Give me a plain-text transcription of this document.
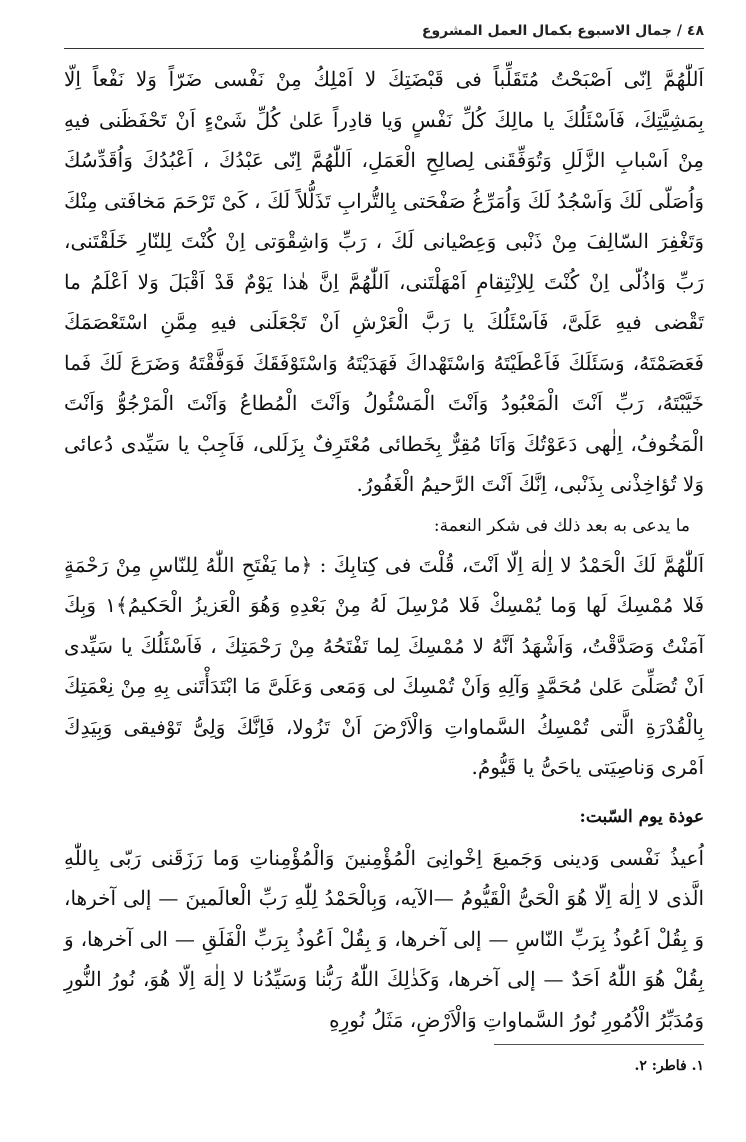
٤٨ / جمال الاسبوع بكمال العمل المشروع

اَللّٰهُمَّ اِنّی اَصْبَحْتُ مُتَقَلِّباً فی قَبْضَتِكَ لا اَمْلِكُ مِنْ نَفْسی ضَرّاً وَلا نَفْعاً اِلّا بِمَشِیَّتِكَ، فَاَسْئَلُكَ یا مالِكَ كُلِّ نَفْسٍ وَیا قادِراً عَلیٰ كُلِّ شَیْءٍ اَنْ تَحْفَظَنی فیهِ مِنْ اَسْبابِ الزَّلَلِ وَتُوَفِّقَنی لِصالِحِ الْعَمَلِ، اَللّٰهُمَّ اِنّی عَبْدُكَ ، اَعْبُدُكَ وَاُقَدِّسُكَ وَاُصَلّی لَكَ وَاَسْجُدُ لَكَ وَاُمَرِّغُ صَفْحَتی بِالتُّرابِ تَذَلُّلاً لَكَ ، كَیْ تَرْحَمَ مَخافَتی مِنْكَ وَتَغْفِرَ السّالِفَ مِنْ ذَنْبی وَعِصْیانی لَكَ ، رَبِّ وَاشِقْوَتی اِنْ كُنْتَ لِلنّارِ خَلَقْتَنی، رَبِّ وَاذُلّی اِنْ كُنْتَ لِلاِنْتِقامِ اَمْهَلْتَنی، اَللّٰهُمَّ اِنَّ هٰذا یَوْمٌ قَدْ اَقْبَلَ وَلا اَعْلَمُ ما تَقْضی فیهِ عَلَیَّ، فَاَسْئَلُكَ یا رَبَّ الْعَرْشِ اَنْ تَجْعَلَنی فیهِ مِمَّنِ اسْتَعْصَمَكَ فَعَصَمْتَهُ، وَسَئَلَكَ فَاَعْطَیْتَهُ وَاسْتَهْداكَ فَهَدَیْتَهُ وَاسْتَوْفَقَكَ فَوَفَّقْتَهُ وَضَرَعَ لَكَ فَما خَیَّبْتَهُ، رَبِّ اَنْتَ الْمَعْبُودُ وَاَنْتَ الْمَسْئُولُ وَاَنْتَ الْمُطاعُ وَاَنْتَ الْمَرْجُوُّ وَاَنْتَ الْمَخُوفُ، اِلٰهی دَعَوْتُكَ وَاَنَا مُقِرٌّ بِخَطائی مُعْتَرِفٌ بِزَلَلی، فَاَجِبْ یا سَیِّدی دُعائی وَلا تُؤاخِذْنی بِذَنْبی، اِنَّكَ اَنْتَ الرَّحیمُ الْغَفُورُ.

ما یدعی به بعد ذلك فی شكر النعمة:

اَللّٰهُمَّ لَكَ الْحَمْدُ لا اِلٰهَ اِلّا اَنْتَ، قُلْتَ فی كِتابِكَ : ﴿ما یَفْتَحِ اللّٰهُ لِلنّاسِ مِنْ رَحْمَةٍ فَلا مُمْسِكَ لَها وَما یُمْسِكْ فَلا مُرْسِلَ لَهُ مِنْ بَعْدِهِ وَهُوَ الْعَزیزُ الْحَكیمُ﴾١ وَبِكَ آمَنْتُ وَصَدَّقْتُ، وَاَشْهَدُ اَنَّهُ لا مُمْسِكَ لِما تَفْتَحُهُ مِنْ رَحْمَتِكَ ، فَاَسْئَلُكَ یا سَیِّدی اَنْ تُصَلِّیَ عَلیٰ مُحَمَّدٍ وَآلِهِ وَاَنْ تُمْسِكَ لی وَمَعی وَعَلَیَّ مَا ابْتَدَأْتَنی بِهِ مِنْ نِعْمَتِكَ بِالْقُدْرَةِ الَّتی تُمْسِكُ السَّماواتِ وَالْاَرْضَ اَنْ تَزُولا، فَاِنَّكَ وَلِیُّ تَوْفیقی وَبِیَدِكَ اَمْری وَناصِیَتی یاحَیُّ یا قَیُّومُ.

عوذة یوم السّبت:

اُعیذُ نَفْسی وَدینی وَجَمیعَ اِخْوانِیَ الْمُؤْمِنینَ وَالْمُؤْمِناتِ وَما رَزَقَنی رَبّی بِاللّٰهِ الَّذی لا اِلٰهَ اِلّا هُوَ الْحَیُّ الْقَیُّومُ —الآیه، وَبِالْحَمْدُ لِلّٰهِ رَبِّ الْعالَمینَ — إلی آخرها، وَ بِقُلْ اَعُوذُ بِرَبِّ النّاسِ — إلی آخرها، وَ بِقُلْ اَعُوذُ بِرَبِّ الْفَلَقِ — الی آخرها، وَ بِقُلْ هُوَ اللّٰهُ اَحَدٌ — إلی آخرها، وَكَذٰلِكَ اللّٰهُ رَبُّنا وَسَیِّدُنا لا اِلٰهَ اِلّا هُوَ، نُورُ النُّورِ وَمُدَبِّرُ الْاُمُورِ نُورُ السَّماواتِ وَالْاَرْضِ، مَثَلُ نُورِهِ

١. فاطر: ٢.
